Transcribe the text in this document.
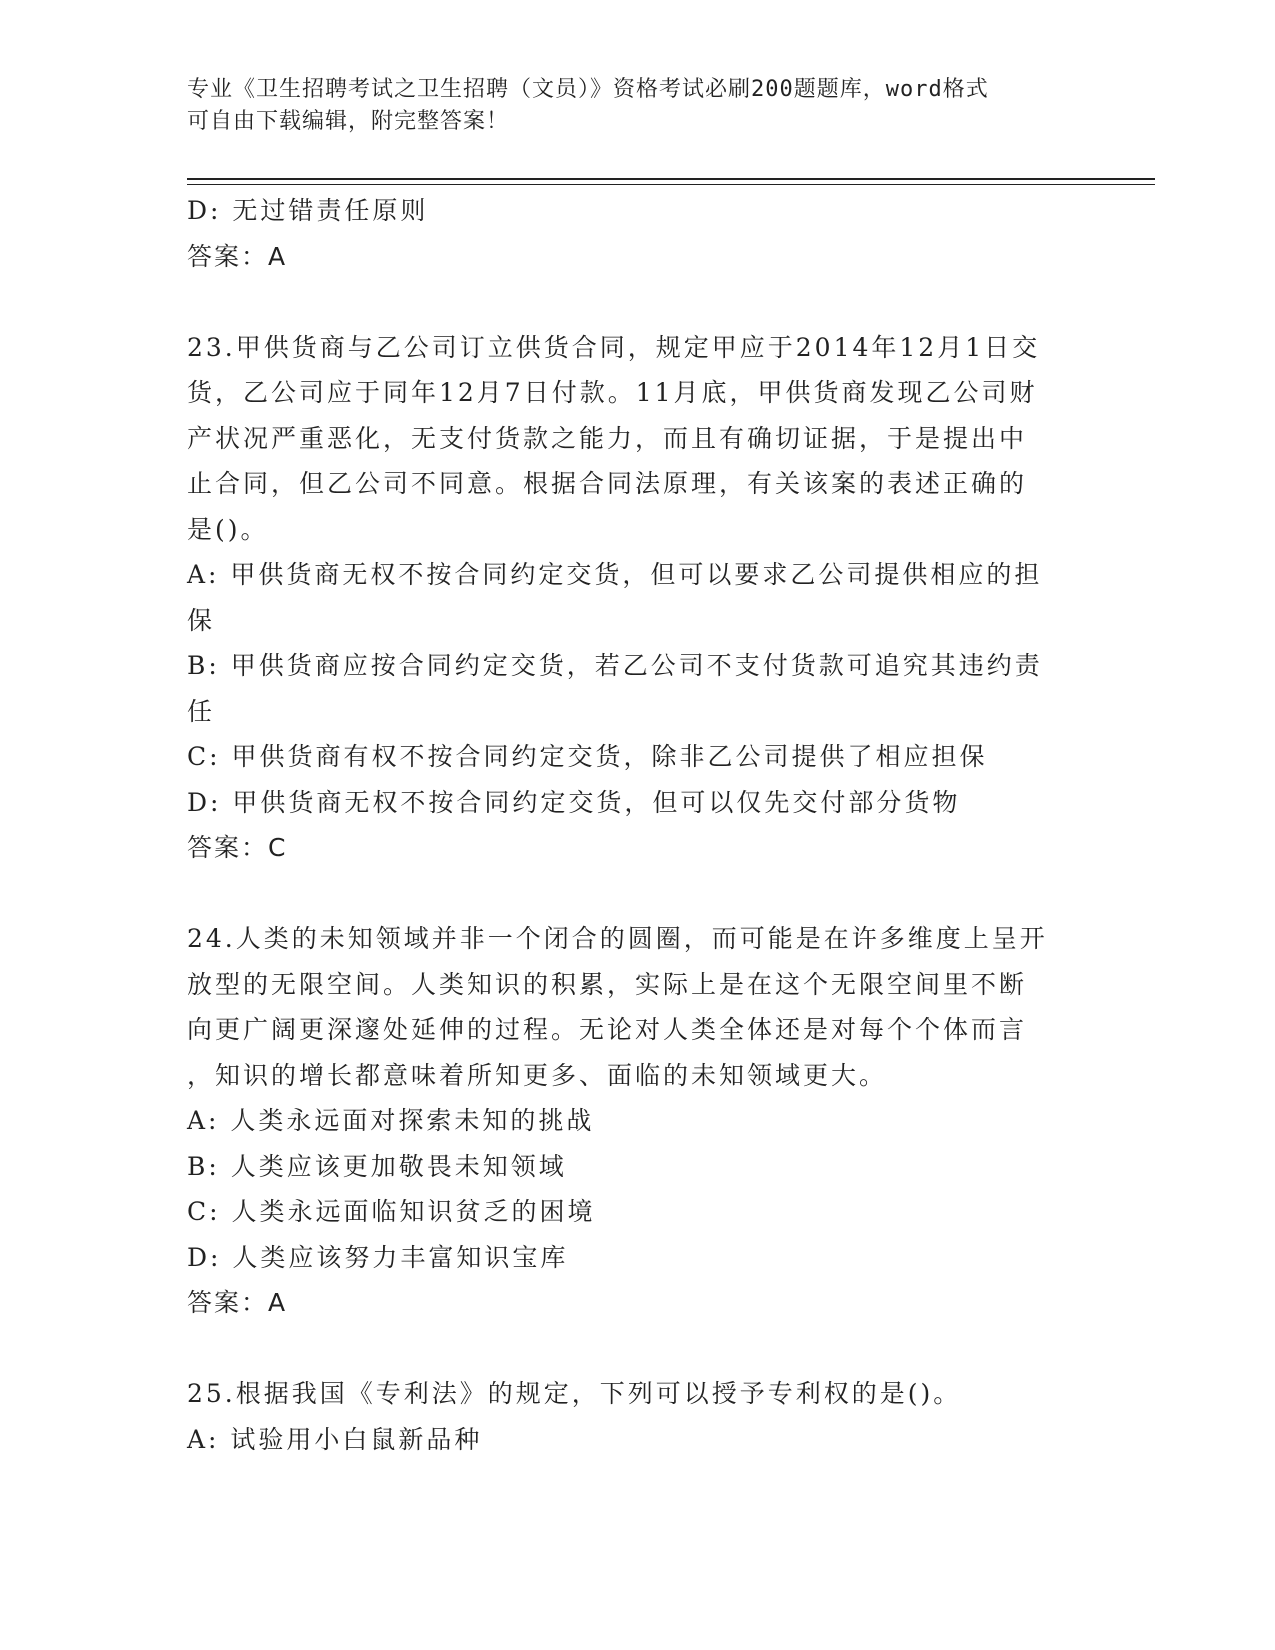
专业《卫生招聘考试之卫生招聘（文员）》资格考试必刷200题题库，word格式
可自由下载编辑，附完整答案！
D: 无过错责任原则
答案：A
23.甲供货商与乙公司订立供货合同，规定甲应于2014年12月1日交
货，乙公司应于同年12月7日付款。11月底，甲供货商发现乙公司财
产状况严重恶化，无支付货款之能力，而且有确切证据，于是提出中
止合同，但乙公司不同意。根据合同法原理，有关该案的表述正确的
是()。
A: 甲供货商无权不按合同约定交货，但可以要求乙公司提供相应的担
保
B: 甲供货商应按合同约定交货，若乙公司不支付货款可追究其违约责
任
C: 甲供货商有权不按合同约定交货，除非乙公司提供了相应担保
D: 甲供货商无权不按合同约定交货，但可以仅先交付部分货物
答案：C
24.人类的未知领域并非一个闭合的圆圈，而可能是在许多维度上呈开
放型的无限空间。人类知识的积累，实际上是在这个无限空间里不断
向更广阔更深邃处延伸的过程。无论对人类全体还是对每个个体而言
，知识的增长都意味着所知更多、面临的未知领域更大。
A: 人类永远面对探索未知的挑战
B: 人类应该更加敬畏未知领域
C: 人类永远面临知识贫乏的困境
D: 人类应该努力丰富知识宝库
答案：A
25.根据我国《专利法》的规定，下列可以授予专利权的是()。
A: 试验用小白鼠新品种
